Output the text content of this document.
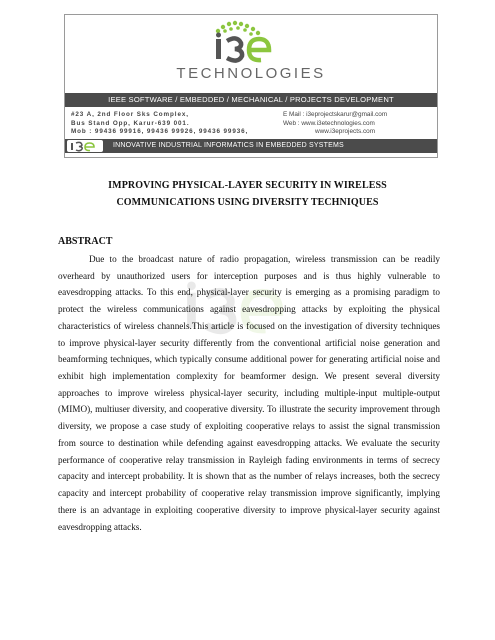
TECHNOLOGIES
IEEE SOFTWARE / EMBEDDED / MECHANICAL / PROJECTS DEVELOPMENT
#23 A, 2nd Floor Sks Complex,
Bus Stand Opp, Karur-639 001.
Mob : 99436 99916, 99436 99926, 99436 99936,
E Mail : i3eprojectskarur@gmail.com
Web : www.i3etechnologies.com
www.i3eprojects.com
INNOVATIVE INDUSTRIAL INFORMATICS IN EMBEDDED SYSTEMS
IMPROVING PHYSICAL-LAYER SECURITY IN WIRELESS
COMMUNICATIONS USING DIVERSITY TECHNIQUES
ABSTRACT

Due to the broadcast nature of radio propagation, wireless transmission can be readily overheard by unauthorized users for interception purposes and is thus highly vulnerable to eavesdropping attacks. To this end, physical-layer security is emerging as a promising paradigm to protect the wireless communications against eavesdropping attacks by exploiting the physical characteristics of wireless channels.This article is focused on the investigation of diversity techniques to improve physical-layer security differently from the conventional artificial noise generation and beamforming techniques, which typically consume additional power for generating artificial noise and exhibit high implementation complexity for beamformer design. We present several diversity approaches to improve wireless physical-layer security, including multiple-input multiple-output (MIMO), multiuser diversity, and cooperative diversity. To illustrate the security improvement through diversity, we propose a case study of exploiting cooperative relays to assist the signal transmission from source to destination while defending against eavesdropping attacks. We evaluate the security performance of cooperative relay transmission in Rayleigh fading environments in terms of secrecy capacity and intercept probability. It is shown that as the number of relays increases, both the secrecy capacity and intercept probability of cooperative relay transmission improve significantly, implying there is an advantage in exploiting cooperative diversity to improve physical-layer security against eavesdropping attacks.
